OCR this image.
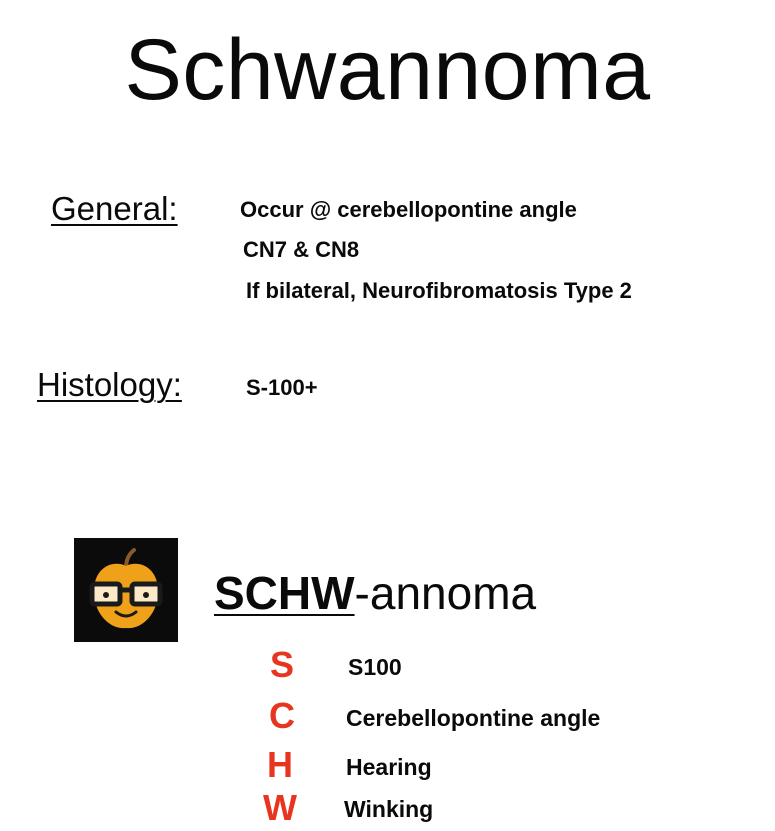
Schwannoma
General:	Occur @ cerebellopontine angle
CN7 & CN8
If bilateral, Neurofibromatosis Type 2
Histology:	S-100+
SCHW-annoma
S	S100
C	Cerebellopontine angle
H	Hearing
W Winking
